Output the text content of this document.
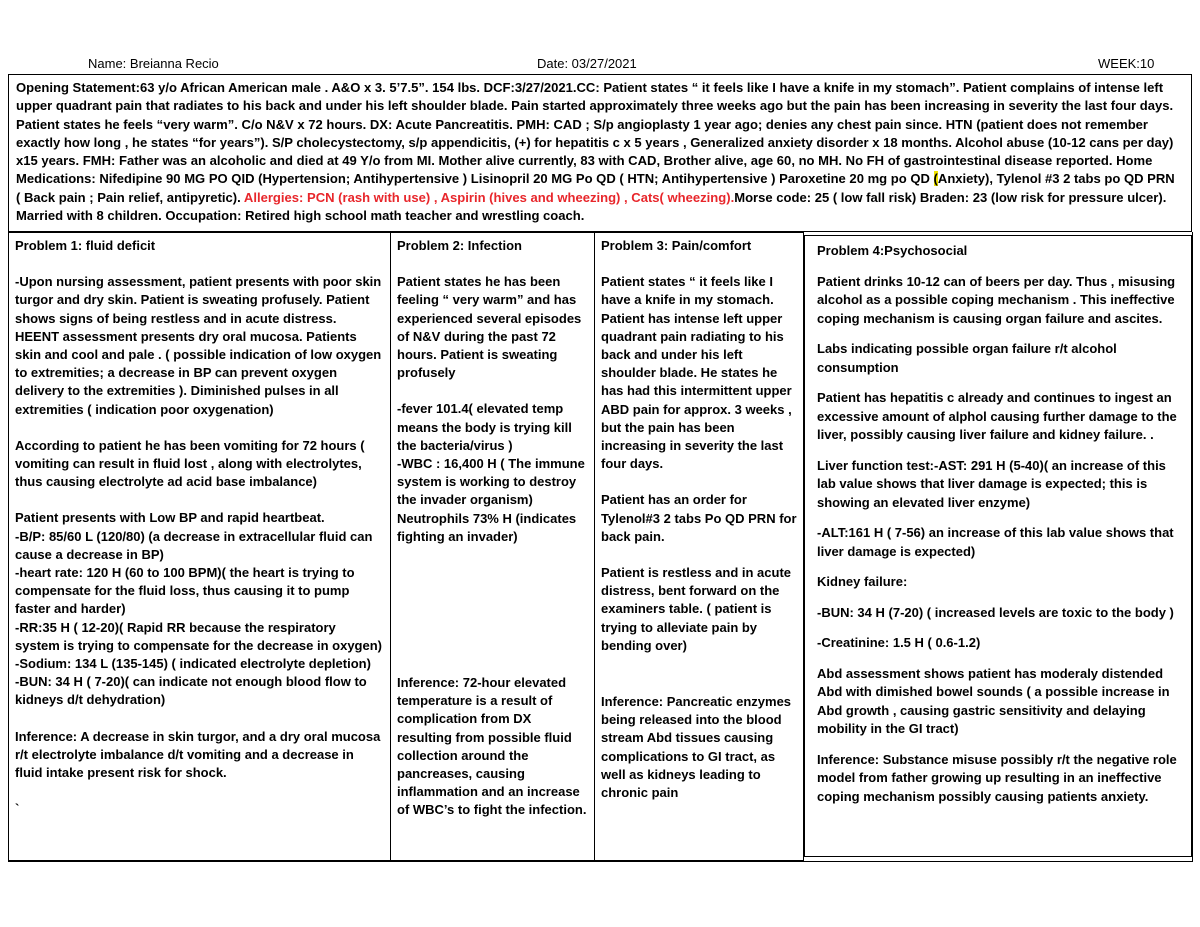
Name: Breianna Recio	Date: 03/27/2021	WEEK:10
Opening Statement:63 y/o African American male . A&O x 3. 5’7.5”. 154 lbs. DCF:3/27/2021.CC: Patient states “ it feels like I have a knife in my stomach”. Patient complains of intense left upper quadrant pain that radiates to his back and under his left shoulder blade. Pain started approximately three weeks ago but the pain has been increasing in severity the last four days. Patient states he feels “very warm”. C/o N&V x 72 hours. DX: Acute Pancreatitis. PMH: CAD ; S/p angioplasty 1 year ago; denies any chest pain since. HTN (patient does not remember exactly how long , he states “for years”). S/P cholecystectomy, s/p appendicitis, (+) for hepatitis c x 5 years , Generalized anxiety disorder x 18 months. Alcohol abuse (10-12 cans per day) x15 years. FMH: Father was an alcoholic and died at 49 Y/o from MI. Mother alive currently, 83 with CAD, Brother alive, age 60, no MH. No FH of gastrointestinal disease reported. Home Medications: Nifedipine 90 MG PO QID (Hypertension; Antihypertensive ) Lisinopril 20 MG Po QD ( HTN; Antihypertensive ) Paroxetine 20 mg po QD (Anxiety), Tylenol #3 2 tabs po QD PRN ( Back pain ; Pain relief, antipyretic). Allergies: PCN (rash with use) , Aspirin (hives and wheezing) , Cats( wheezing).Morse code: 25 ( low fall risk) Braden: 23 (low risk for pressure ulcer). Married with 8 children. Occupation: Retired high school math teacher and wrestling coach.
Problem 1: fluid deficit
-Upon nursing assessment, patient presents with poor skin turgor and dry skin. Patient is sweating profusely. Patient shows signs of being restless and in acute distress. HEENT assessment presents dry oral mucosa. Patients skin and cool and pale . ( possible indication of low oxygen to extremities; a decrease in BP can prevent oxygen delivery to the extremities ). Diminished pulses in all extremities ( indication poor oxygenation)
According to patient he has been vomiting for 72 hours ( vomiting can result in fluid lost , along with electrolytes, thus causing electrolyte ad acid base imbalance)
Patient presents with Low BP and rapid heartbeat.
-B/P: 85/60 L (120/80) (a decrease in extracellular fluid can cause a decrease in BP)
-heart rate: 120 H (60 to 100 BPM)( the heart is trying to compensate for the fluid loss, thus causing it to pump faster and harder)
-RR:35 H ( 12-20)( Rapid RR because the respiratory system is trying to compensate for the decrease in oxygen)
-Sodium: 134 L (135-145) ( indicated electrolyte depletion)
-BUN: 34 H ( 7-20)( can indicate not enough blood flow to kidneys d/t dehydration)
Inference: A decrease in skin turgor, and a dry oral mucosa r/t electrolyte imbalance d/t vomiting and a decrease in fluid intake present risk for shock.
`
Problem 2: Infection
Patient states he has been feeling “ very warm” and has experienced several episodes of N&V during the past 72 hours. Patient is sweating profusely
-fever 101.4( elevated temp means the body is trying kill the bacteria/virus )
-WBC : 16,400 H ( The immune system is working to destroy the invader organism)
Neutrophils 73% H (indicates fighting an invader)
Inference: 72-hour elevated temperature is a result of complication from DX resulting from possible fluid collection around the pancreases, causing inflammation and an increase of WBC’s to fight the infection.
Problem 3: Pain/comfort
Patient states “ it feels like I have a knife in my stomach. Patient has intense left upper quadrant pain radiating to his back and under his left shoulder blade. He states he has had this intermittent upper ABD pain for approx. 3 weeks , but the pain has been increasing in severity the last four days.
Patient has an order for Tylenol#3 2 tabs Po QD PRN for back pain.
Patient is restless and in acute distress, bent forward on the examiners table. ( patient is trying to alleviate pain by bending over)
Inference: Pancreatic enzymes being released into the blood stream Abd tissues causing complications to GI tract, as well as kidneys leading to chronic pain
Problem 4:Psychosocial
Patient drinks 10-12 can of beers per day. Thus , misusing alcohol as a possible coping mechanism . This ineffective coping mechanism is causing organ failure and ascites.
Labs indicating possible organ failure r/t alcohol consumption
Patient has hepatitis c already and continues to ingest an excessive amount of alphol causing further damage to the liver, possibly causing liver failure and kidney failure. .
Liver function test:-AST: 291 H (5-40)( an increase of this lab value shows that liver damage is expected; this is showing an elevated liver enzyme)
-ALT:161 H ( 7-56) an increase of this lab value shows that liver damage is expected)
Kidney failure:
-BUN: 34 H (7-20) ( increased levels are toxic to the body )
-Creatinine: 1.5 H ( 0.6-1.2)
Abd assessment shows patient has moderaly distended Abd with dimished bowel sounds ( a possible increase in Abd growth , causing gastric sensitivity and delaying mobility in the GI tract)
Inference: Substance misuse possibly r/t the negative role model from father growing up resulting in an ineffective coping mechanism possibly causing patients anxiety.
